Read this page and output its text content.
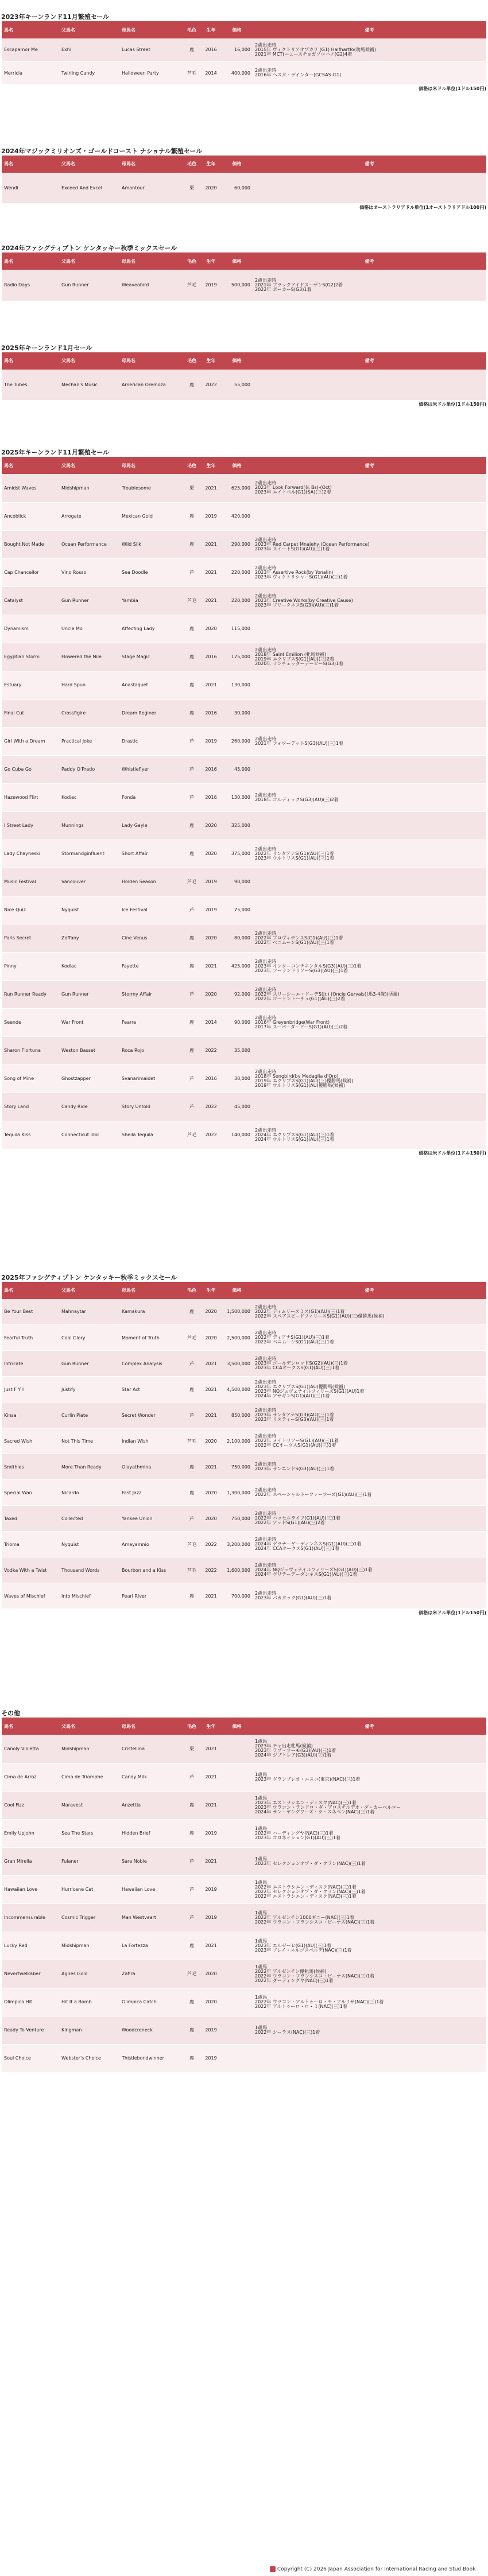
2023年キーンランド11月繁殖セール
馬名	父馬名	母馬名	毛色	生年	価格	備考
Escapamor Me	Exhi	Lucas Street	鹿	2016	16,000	2歳出走時
2015年 ヴィクトリアオブカリ (G1) Halfhartfo(幼馬候補)
2021年 MCT(ニュースチョガソウハノ(G2)4着
Merricia	Twirling Candy	Halloween Party	芦毛	2014	400,000	2歳出走時
2016年 ヘスタ・デインター(GCSAS-G1)
価格は米ドル単位(1ドル150円)
2024年マジックミリオンズ・ゴールドコースト ナショナル繁殖セール
馬名	父馬名	母馬名	毛色	生年	価格	備考
Wendi	Exceed And Excel	Amantour	栗	2020	60,000	
価格はオーストラリアドル単位(1オーストラリアドル100円)
2024年ファシグティプトン ケンタッキー秋季ミックスセール
馬名	父馬名	母馬名	毛色	生年	価格	備考
Radio Days	Gun Runner	Weaveabird	芦毛	2019	500,000	2歳出走時
2021年 ブラックアイドスーザンS(G2)2着
2022年 ポーカーS(G3)1着
2025年キーンランド1月セール
馬名	父馬名	母馬名	毛色	生年	価格	備考
The Tubes	Mechan's Music	American Oremoza	鹿	2022	55,000	
価格は米ドル単位(1ドル150円)
2025年キーンランド11月繁殖セール
馬名	父馬名	母馬名	毛色	生年	価格	備考
Amidst Waves	Midshipman	Troublesome	栗	2021	625,000	2歳出走時
2023年 Look Forward(仏 Bs)-(Oct)
2023年 エイトベル(G1)(SA)(三)2着
Ancoblick	Arrogate	Mexican Gold	鹿	2019	420,000	
Bought Not Made	Ocean Performance	Wild Silk	鹿	2021	290,000	2歳出走時
2023年 Red Carpet Mnajehy (Ocean Performance)
2023年 スイートS(G1)(AU)(三)1着
Cap Chancellor	Vino Rosso	Sea Doodle	芦	2021	220,000	2歳出走時
2023年 Assertive Rock(by Yonalin)
2023年 ヴィクトリシャーS(G1)(AU)(三)1着
Catalyst	Gun Runner	Yambia	芦毛	2021	220,000	2歳出走時
2023年 Creative Works(by Creative Cause)
2023年 プリークネスS(G3)(AU)(三)1着
Dynamism	Uncle Mo	Affecting Lady	鹿	2020	115,000	
Egyptian Storm	Flowered the Nile	Stage Magic	鹿	2016	175,000	2歳出走時
2018年 Saint Emilion (牝馬候補)
2019年 エクリプスS(G1)(AU)(三)2着
2020年 ランチェッターデービーS(G3)1着
Estuary	Hard Spun	Anastaquet	鹿	2021	130,000	
Final Cut	Crossfigire	Dream Reginer	鹿	2016	30,000	
Girl With a Dream	Practical Joke	Drastic	芦	2019	260,000	2歳出走時
2021年 フォワーデットS(G3)(AU)(三)1着
Go Cuba Go	Paddy O'Prado	Whistleflyer	芦	2016	45,000	
Hazewood Flirt	Kodiac	Fonda	芦	2016	130,000	2歳出走時
2018年 ゴルディックS(G3)(AU)(三)2着
I Street Lady	Munnings	Lady Gayle	鹿	2020	325,000	
Lady Chayneski	Stormandginfluent	Short Affair	鹿	2020	375,000	2歳出走時
2022年 サンタアナS(G1)(AU)(三)1着
2023年 ウルトリスS(G1)(AU)(三)1着
Music Festival	Vancouver	Holden Season	芦毛	2019	90,000	
Nice Quiz	Nyquist	Ice Festival	芦	2019	75,000	
Paris Secret	Zoffany	Cine Venus	鹿	2020	80,000	2歳出走時
2022年 プロヴィデンスS(G1)(AU)(三)1着
2022年 ベニムーンS(G1)(AU)(三)1着
Pinny	Kodiac	Fayette	鹿	2021	425,000	2歳出走時
2023年 インターコンチネンタルS(G3)(AU)(三)1着
2023年 ソーランドリアーS(G3)(AU)(三)1着
Run Runner Ready	Gun Runner	Stormy Affair	芦	2020	92,000	2歳出走時
2022年 スリーシーエ・ドーデS(Jr.) (Oncle Gervais)(馬3-4歳)(所属)
2022年 ゴードントーチュ(G1)(AU)(三)2着
Seende	War Front	Fearre	鹿	2014	90,000	2歳出走時
2016年 Greyenbridge(War Front)
2017年 スーパーダービーS(G1)(AU)(三)2着
Sharon Flortuna	Weston Basset	Roca Rojo	鹿	2022	35,000	
Song of Mine	Ghostzapper	Svanarimaidet	芦	2016	30,000	2歳出走時
2018年 Songbird(by Medaglia d'Oro)
2019年 エクリプスS(G1)(AU)(三)優勝馬(候補)
2019年 ウルトリスS(G1)(AU)優勝馬(候補)
Story Land	Candy Ride	Story Untold	芦	2022	45,000	
Tequila Kiss	Connecticut Idol	Sheila Tequila	芦毛	2022	140,000	2歳出走時
2024年 エクリプスS(G1)(AU)(三)1着
2024年 ウルトリスS(G1)(AU)(三)1着
価格は米ドル単位(1ドル150円)
2025年ファシグティプトン ケンタッキー秋季ミックスセール
馬名	父馬名	母馬名	毛色	生年	価格	備考
Be Your Best	Mahnaytar	Kamakura	鹿	2020	1,500,000	2歳出走時
2022年 ディムリースミス(G1)(AU)(三)1着
2022年 スペアスピードフィリースS(G1)(AU)(三)優勝馬(候補)
Fearful Truth	Coal Glory	Moment of Truth	芦毛	2020	2,500,000	2歳出走時
2022年 ディアナS(G1)(AU)(三)1着
2022年 ベニムーンS(G1)(AU)(三)1着
Intricate	Gun Runner	Complex Analysis	芦	2021	3,500,000	2歳出走時
2023年 ゴールデンロッドS(G2)(AU)(三)1着
2023年 CCAオークスS(G1)(AU)(三)1着
Just F Y I	Justify	Star Act	鹿	2021	4,500,000	2歳出走時
2023年 エクリプスS(G1)(AU)優勝馬(候補)
2023年 NQジュヴェナイルフィリーズS(G1)(AU)1着
2024年 アサギンS(G1)(AU)(三)1着
Kinsa	Curlin Plate	Secret Wonder	芦	2021	850,000	2歳出走時
2023年 サンタアナS(G3)(AU)(三)1着
2023年 リスティーS(G3)(AU)(三)1着
Sacred Wish	Not This Time	Indian Wish	芦毛	2020	2,100,000	2歳出走時
2022年 メイトリアーS(G1)(AU)(三)1着
2022年 CCオークスS(G1)(AU)(三)1着
Smithies	More Than Ready	Olayathmina	鹿	2021	750,000	2歳出走時
2023年 サンエンドS(G3)(AU)(三)1着
Special Wan	Nicardo	Fast Jazz	鹿	2020	1,300,000	2歳出走時
2022年 スペーシャルトーファーフーズ(G1)(AU)(三)1着
Taxed	Collected	Yankee Union	芦	2020	750,000	2歳出走時
2022年 ハッセルライフ(G1)(AU)(三)1着
2022年 アッドS(G1)(AU)(三)2着
Trioma	Nyquist	Amayamnio	芦毛	2022	3,200,000	2歳出走時
2024年 ゲラナーゲーディンネスS(G1)(AU)(三)1着
2024年 CCAオークスS(G1)(AU)(三)1着
Vodka With a Twist	Thousand Words	Bourbon and a Kiss	芦毛	2022	1,600,000	2歳出走時
2024年 NQジュヴェナイルフィリーズS(G1)(AU)(三)1着
2024年 ゲリテーデーダンネスS(G1)(AU)(三)1着
Waves of Mischief	Into Mischief	Pearl River	鹿	2021	700,000	2歳出走時
2023年 バカタック(G1)(AU)(三)1着
価格は米ドル単位(1ドル150円)
その他
馬名	父馬名	母馬名	毛色	生年	価格	備考
Canoly Violetta	Midshipman	Cristellina	栗	2021		1歳馬
2023年 チャ出走牝馬(候補)
2023年 ラブ・サーモ(G3)(AU)(三)1着
2024年 ジブトレア(G3)(AU)(三)1着
Cima de Arroz	Cima de Triomphe	Candy Milk	芦	2021		1歳馬
2023年 グランプレオ・エスコ(東京)(NAC)(三)1着
Cool Fizz	Maravest	Anzettia	鹿	2021		1歳馬
2023年 エストラシエン・ディスク(NAC)(三)1着
2023年 ウラコン・ランドロ・ダ・アロスチルデオ・ダ・カーベルロー
2024年 サン・ヤングワーズ・ラ・スネペン(NAC)(三)1着
Emily Upjohn	Sea The Stars	Hidden Brief	鹿	2019		1歳馬
2022年 ハーディングヤ(NAC)(三)1着
2023年 コロネイション(G1)(AU)(三)1着
Gran Mirella	Fulaner	Sara Noble	芦	2021		1歳馬
2023年 セレクションオブ・ダ・クラン(NAC)(三)1着
Hawaiian Love	Hurricane Cat	Hawaiian Love	芦	2019		1歳馬
2022年 エストラシエン・ディスク(NAC)(三)1着
2022年 セレクションオブ・ダ・クラン(NAC)(三)1着
2022年 エストラシエン・ディスク(NAC)(三)1着
Incommensurable	Cosmic Trigger	Man Westvaart	芦	2019		1歳馬
2022年 アルゼンチン1000ギニー(NAC)(三)1着
2022年 ウラコン・フランシスコ・ビーナス(NAC)(三)1着
Lucky Red	Midshipman	La Fortezza	鹿	2021		1歳馬
2023年 エルゼーヒ(G1)(AU)(三)1着
2023年 プレイ・ネルゴスベルデ(NAC)(三)1着
Nevertwelkaber	Agnes Gold	Zafira	芦毛	2020		1歳馬
2022年 アルゼンチン優牝馬(候補)
2022年 ウラコン・フランシスコ・ビーナス(NAC)(三)1着
2022年 ダーディングヤ(NAC)(三)1着
Olimpica Hit	Hit It a Bomb	Olimpica Catch	鹿	2020		1歳馬
2022年 ウラコン・アルトゥーロ・モ・アルリサ(NAC)(三)1着
2022年 アルトゥーロ・ロ・ミ(NAC)(三)1着
Ready To Venture	Kingman	Woodcreneck	鹿	2019		1歳馬
2022年 シーラヌ(NAC)(三)1着
Soul Choice	Webster's Choice	Thistlebondwinner	鹿	2019		
Copyright (C) 2026 Japan Association for International Racing and Stud Book
